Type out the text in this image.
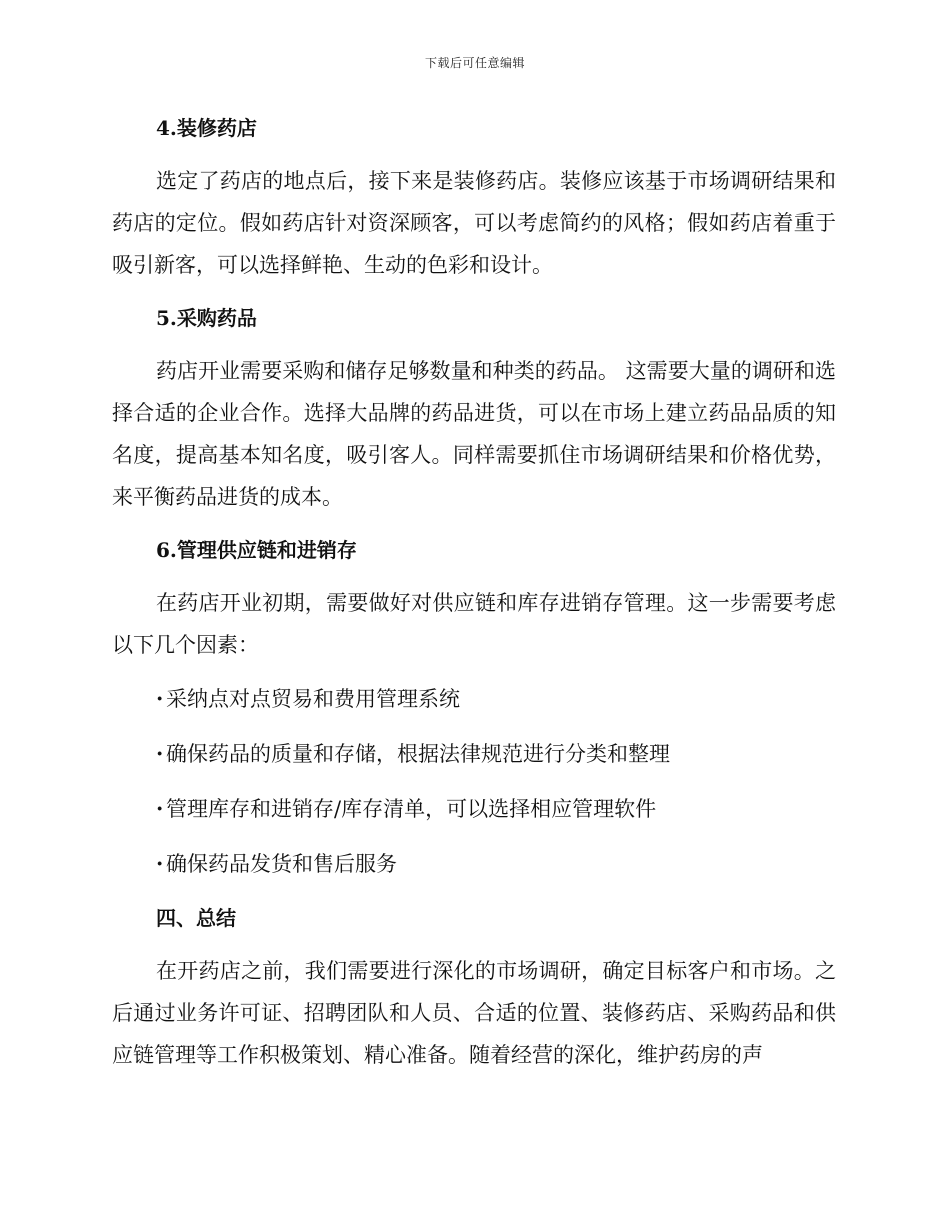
下载后可任意编辑
4.装修药店

选定了药店的地点后，接下来是装修药店。装修应该基于市场调研结果和药店的定位。假如药店针对资深顾客，可以考虑简约的风格；假如药店着重于吸引新客，可以选择鲜艳、生动的色彩和设计。

5.采购药品

药店开业需要采购和储存足够数量和种类的药品。 这需要大量的调研和选择合适的企业合作。选择大品牌的药品进货，可以在市场上建立药品品质的知名度，提高基本知名度，吸引客人。同样需要抓住市场调研结果和价格优势，来平衡药品进货的成本。

6.管理供应链和进销存

在药店开业初期，需要做好对供应链和库存进销存管理。这一步需要考虑以下几个因素：

· 采纳点对点贸易和费用管理系统
· 确保药品的质量和存储，根据法律规范进行分类和整理
· 管理库存和进销存/库存清单，可以选择相应管理软件
· 确保药品发货和售后服务
四、总结

在开药店之前，我们需要进行深化的市场调研，确定目标客户和市场。之后通过业务许可证、招聘团队和人员、合适的位置、装修药店、采购药品和供应链管理等工作积极策划、精心准备。随着经营的深化，维护药房的声
